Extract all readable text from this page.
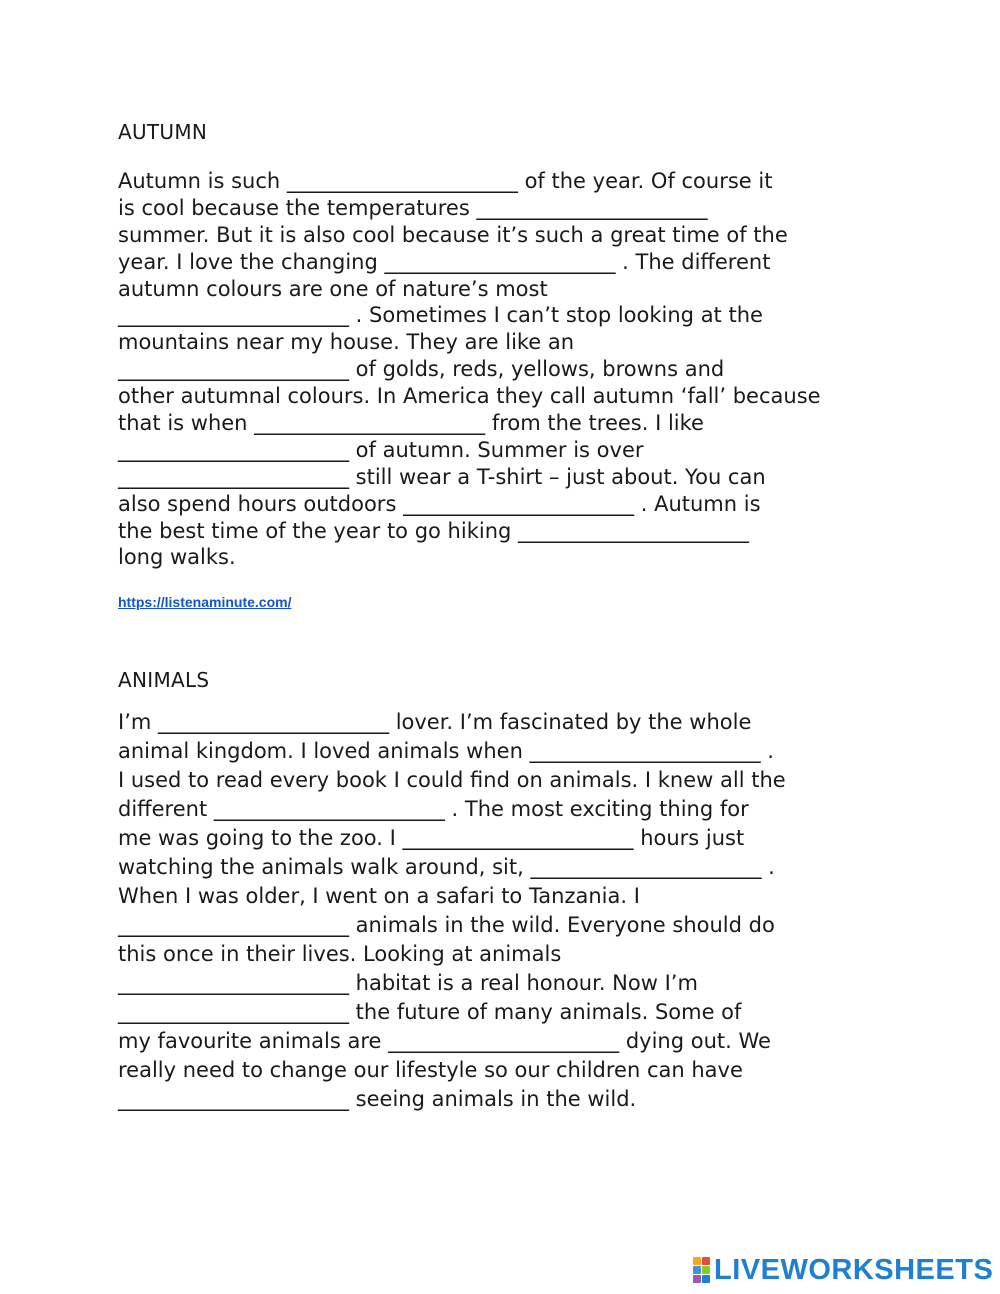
AUTUMN
Autumn is such _____	of the year. Of course it
is cool because the temperatures  _____
summer. But it is also cool because it’s such a great time of the
year. I love the changing _____	. The different
autumn colours are one of nature’s most
_____ . Sometimes I can’t stop looking at the
mountains near my house. They are like an
_____ of golds, reds, yellows, browns and
other autumnal colours. In America they call autumn ‘fall’ because
that is when _____	from the trees. I like
_____ of autumn. Summer is over
_____ still wear a T-shirt – just about. You can
also spend hours outdoors _____	. Autumn is
the best time of the year to go hiking  _____
long walks.
https://listenaminute.com/
ANIMALS
I’m _____	lover. I’m fascinated by the whole
animal kingdom. I loved animals when _____	.
I used to read every book I could find on animals. I knew all the
different _____	. The most exciting thing for
me was going to the zoo. I _____	hours just
watching the animals walk around, sit, _____	.
When I was older, I went on a safari to Tanzania. I
_____ animals in the wild. Everyone should do
this once in their lives. Looking at animals
_____ habitat is a real honour. Now I’m
_____ the future of many animals. Some of
my favourite animals are _____	dying out. We
really need to change our lifestyle so our children can have
_____ seeing animals in the wild.
LIVEWORKSHEETS
